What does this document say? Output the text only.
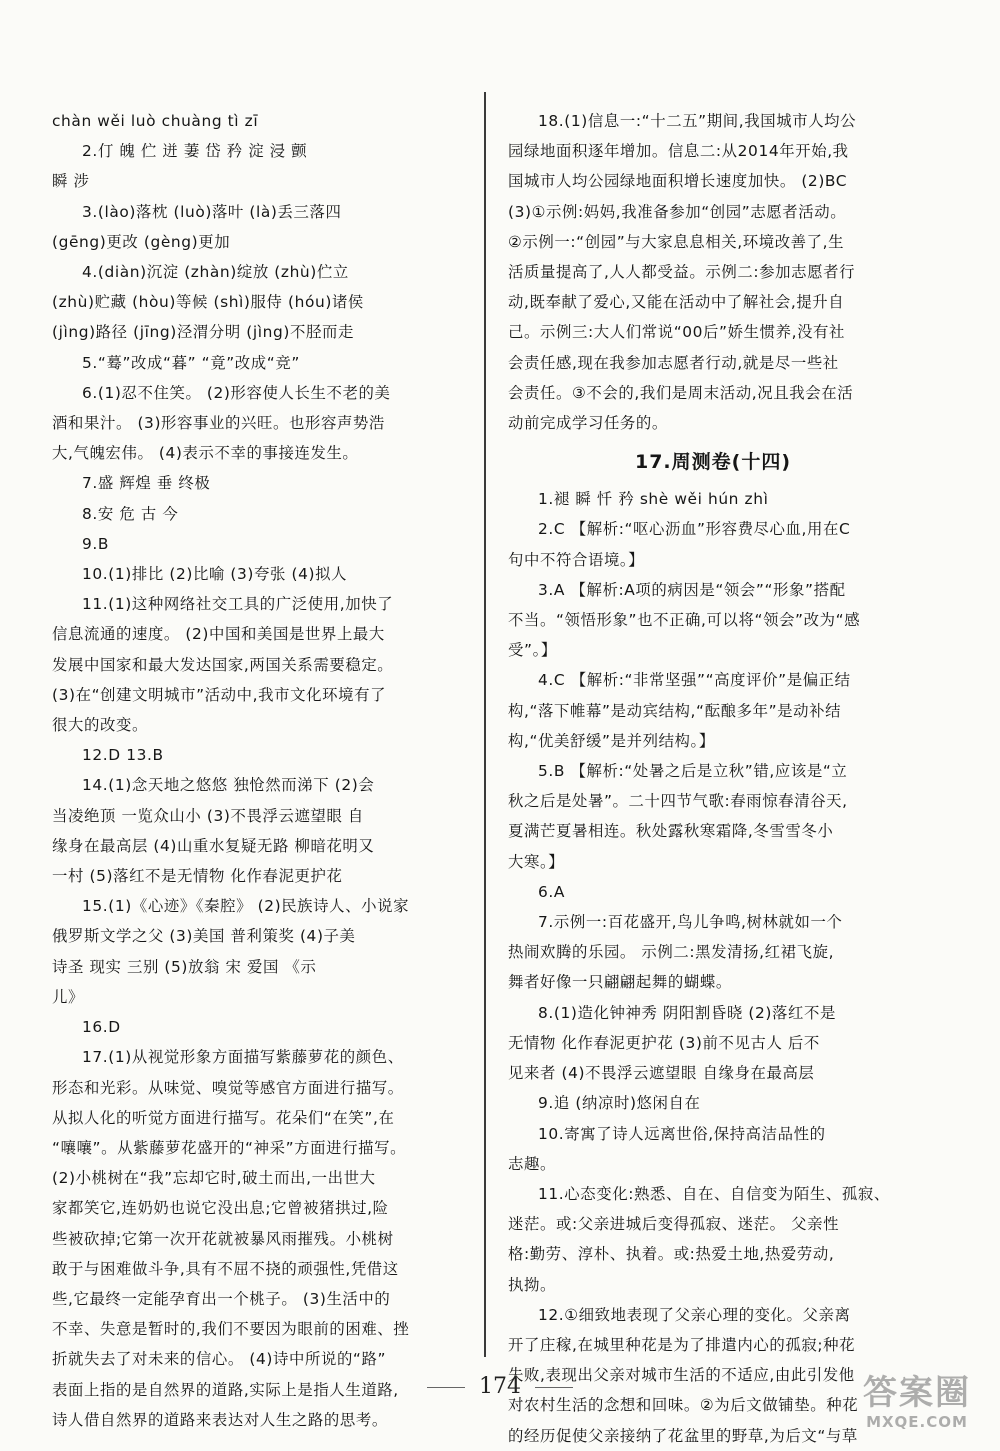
chàn wěi luò chuàng tì zī

2.仃 魄 伫 迸 萋 岱 矜 淀 浸 颤

瞬 涉

3.(lào)落枕 (luò)落叶 (là)丢三落四

(gēng)更改 (gèng)更加

4.(diàn)沉淀 (zhàn)绽放 (zhù)伫立

(zhù)贮藏 (hòu)等候 (shì)服侍 (hóu)诸侯

(jìng)路径 (jīng)泾渭分明 (jìng)不胫而走

5.“蓦”改成“暮” “竟”改成“竞”

6.(1)忍不住笑。 (2)形容使人长生不老的美

酒和果汁。 (3)形容事业的兴旺。也形容声势浩

大,气魄宏伟。 (4)表示不幸的事接连发生。

7.盛 辉煌 垂 终极

8.安 危 古 今

9.B

10.(1)排比 (2)比喻 (3)夸张 (4)拟人

11.(1)这种网络社交工具的广泛使用,加快了

信息流通的速度。 (2)中国和美国是世界上最大

发展中国家和最大发达国家,两国关系需要稳定。

(3)在“创建文明城市”活动中,我市文化环境有了

很大的改变。

12.D 13.B

14.(1)念天地之悠悠 独怆然而涕下 (2)会

当凌绝顶 一览众山小 (3)不畏浮云遮望眼 自

缘身在最高层 (4)山重水复疑无路 柳暗花明又

一村 (5)落红不是无情物 化作春泥更护花

15.(1)《心迹》《秦腔》 (2)民族诗人、小说家

俄罗斯文学之父 (3)美国 普利策奖 (4)子美

诗圣 现实 三别 (5)放翁 宋 爱国 《示

儿》

16.D

17.(1)从视觉形象方面描写紫藤萝花的颜色、

形态和光彩。从味觉、嗅觉等感官方面进行描写。

从拟人化的听觉方面进行描写。花朵们“在笑”,在

“嚷嚷”。从紫藤萝花盛开的“神采”方面进行描写。

(2)小桃树在“我”忘却它时,破土而出,一出世大

家都笑它,连奶奶也说它没出息;它曾被猪拱过,险

些被砍掉;它第一次开花就被暴风雨摧残。小桃树

敢于与困难做斗争,具有不屈不挠的顽强性,凭借这

些,它最终一定能孕育出一个桃子。 (3)生活中的

不幸、失意是暂时的,我们不要因为眼前的困难、挫

折就失去了对未来的信心。 (4)诗中所说的“路”

表面上指的是自然界的道路,实际上是指人生道路,

诗人借自然界的道路来表达对人生之路的思考。

18.(1)信息一:“十二五”期间,我国城市人均公

园绿地面积逐年增加。信息二:从2014年开始,我

国城市人均公园绿地面积增长速度加快。 (2)BC

(3)①示例:妈妈,我准备参加“创园”志愿者活动。

②示例一:“创园”与大家息息相关,环境改善了,生

活质量提高了,人人都受益。示例二:参加志愿者行

动,既奉献了爱心,又能在活动中了解社会,提升自

己。示例三:大人们常说“00后”娇生惯养,没有社

会责任感,现在我参加志愿者行动,就是尽一些社

会责任。③不会的,我们是周末活动,况且我会在活

动前完成学习任务的。

17.周测卷(十四)

1.褪 瞬 忏 矜 shè wěi hún zhì

2.C 【解析:“呕心沥血”形容费尽心血,用在C

句中不符合语境。】

3.A 【解析:A项的病因是“领会”“形象”搭配

不当。“领悟形象”也不正确,可以将“领会”改为“感

受”。】

4.C 【解析:“非常坚强”“高度评价”是偏正结

构,“落下帷幕”是动宾结构,“酝酿多年”是动补结

构,“优美舒缓”是并列结构。】

5.B 【解析:“处暑之后是立秋”错,应该是“立

秋之后是处暑”。二十四节气歌:春雨惊春清谷天,

夏满芒夏暑相连。秋处露秋寒霜降,冬雪雪冬小

大寒。】

6.A

7.示例一:百花盛开,鸟儿争鸣,树林就如一个

热闹欢腾的乐园。 示例二:黑发清扬,红裙飞旋,

舞者好像一只翩翩起舞的蝴蝶。

8.(1)造化钟神秀 阴阳割昏晓 (2)落红不是

无情物 化作春泥更护花 (3)前不见古人 后不

见来者 (4)不畏浮云遮望眼 自缘身在最高层

9.追 (纳凉时)悠闲自在

10.寄寓了诗人远离世俗,保持高洁品性的

志趣。

11.心态变化:熟悉、自在、自信变为陌生、孤寂、

迷茫。或:父亲进城后变得孤寂、迷茫。 父亲性

格:勤劳、淳朴、执着。或:热爱土地,热爱劳动,

执拗。

12.①细致地表现了父亲心理的变化。父亲离

开了庄稼,在城里种花是为了排遣内心的孤寂;种花

失败,表现出父亲对城市生活的不适应,由此引发他

对农村生活的念想和回味。②为后文做铺垫。种花

的经历促使父亲接纳了花盆里的野草,为后文“与草

174	答案圈
MXQE.COM
